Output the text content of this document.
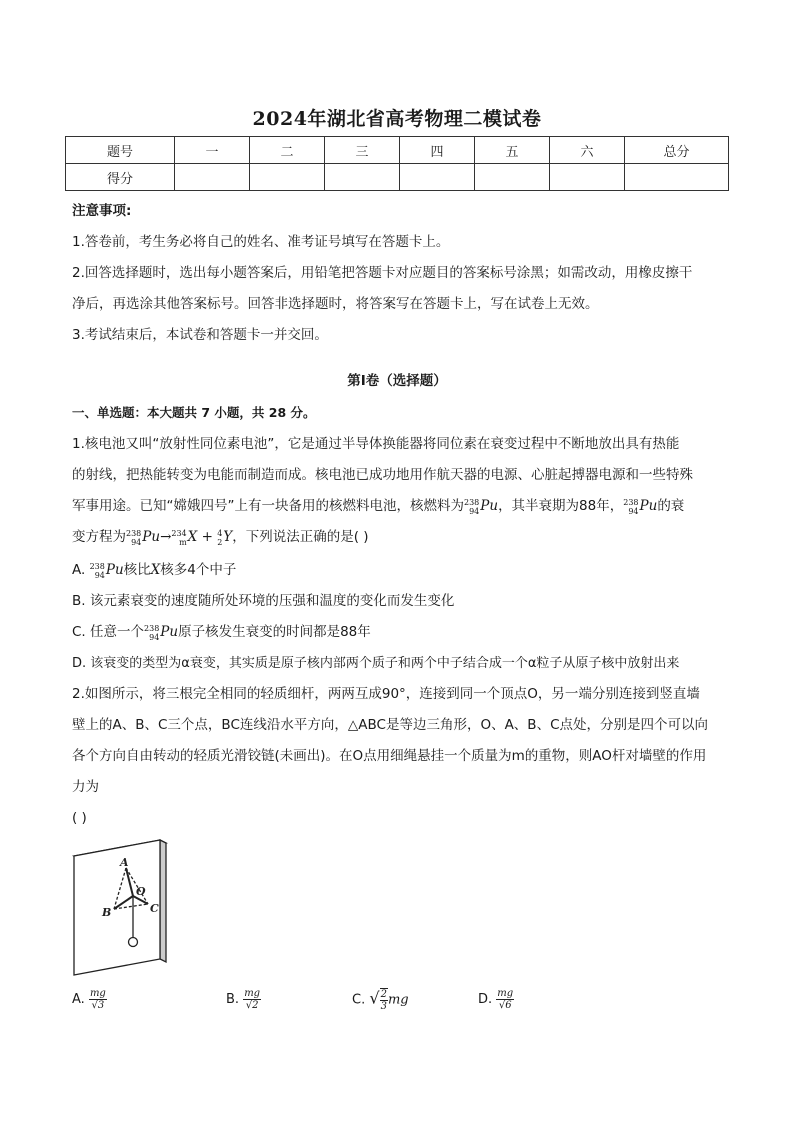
2024年湖北省高考物理二模试卷
题号	一	二	三	四	五	六	总分
得分							
注意事项:
1.答卷前，考生务必将自己的姓名、准考证号填写在答题卡上。
2.回答选择题时，选出每小题答案后，用铅笔把答题卡对应题目的答案标号涂黑；如需改动，用橡皮擦干
净后，再选涂其他答案标号。回答非选择题时，将答案写在答题卡上，写在试卷上无效。
3.考试结束后，本试卷和答题卡一并交回。
第I卷（选择题）
一、单选题：本大题共 7 小题，共 28 分。
1.核电池又叫“放射性同位素电池”，它是通过半导体换能器将同位素在衰变过程中不断地放出具有热能
的射线，把热能转变为电能而制造而成。核电池已成功地用作航天器的电源、心脏起搏器电源和一些特殊
军事用途。已知“嫦娥四号”上有一块备用的核燃料电池，核燃料为 238
94 Pu，其半衰期为88年， 238
94 Pu的衰
变方程为 238
94 Pu→ 234
m X + 4
2 Y，下列说法正确的是( )
A. 238
94 Pu核比X核多4个中子
B. 该元素衰变的速度随所处环境的压强和温度的变化而发生变化
C. 任意一个 238
94 Pu原子核发生衰变的时间都是88年
D. 该衰变的类型为α衰变，其实质是原子核内部两个质子和两个中子结合成一个α粒子从原子核中放射出来
2.如图所示，将三根完全相同的轻质细杆，两两互成90°，连接到同一个顶点O，另一端分别连接到竖直墙
壁上的A、B、C三个点，BC连线沿水平方向，△ABC是等边三角形，O、A、B、C点处，分别是四个可以向
各个方向自由转动的轻质光滑铰链(未画出)。在O点用细绳悬挂一个质量为m的重物，则AO杆对墙壁的作用
力为
( )
A
B	C
O
A. $\frac{mg}{√3}$	B. $\frac{mg}{√2}$	C. √ $\frac{2}{3}$ mg	D. $\frac{mg}{√6}$
